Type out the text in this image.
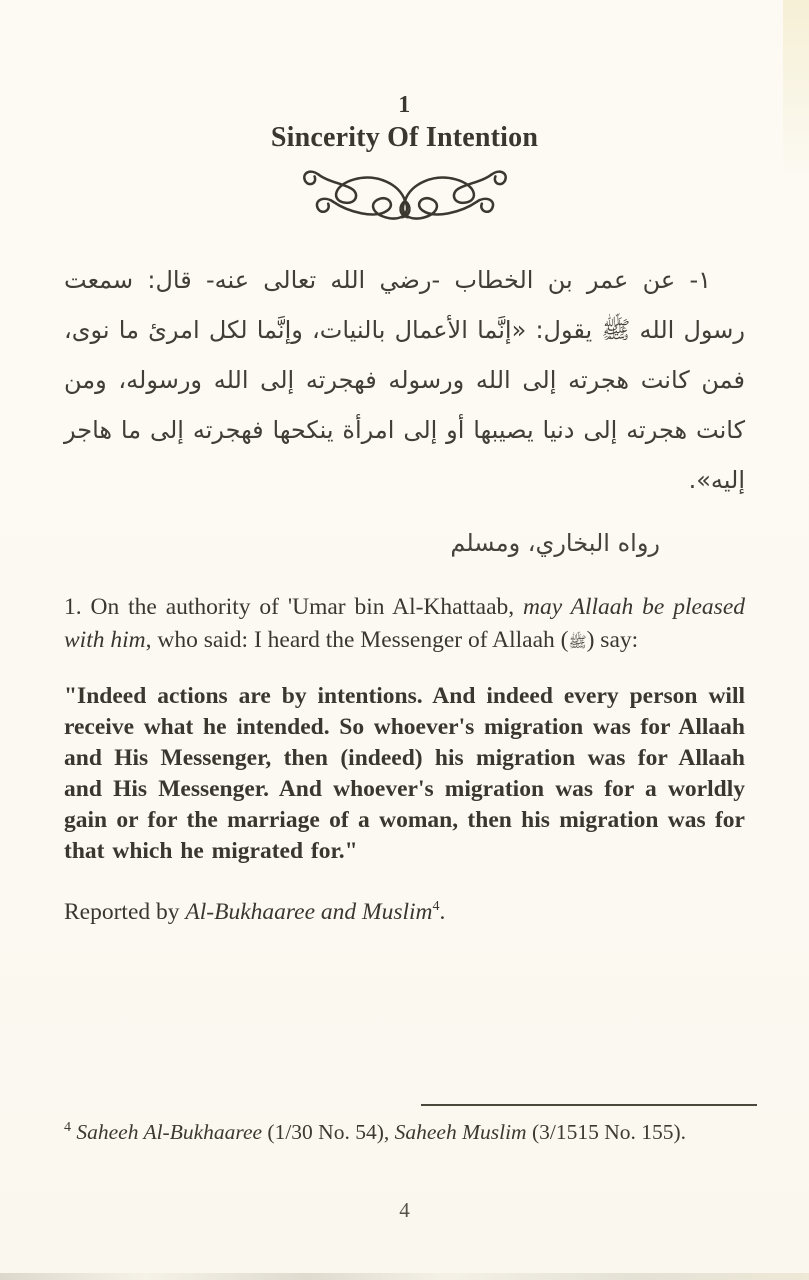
1
Sincerity Of Intention

١- عن عمر بن الخطاب -رضي الله تعالى عنه- قال: سمعت رسول الله ﷺ يقول: «إنَّما الأعمال بالنيات، وإنَّما لكل امرئ ما نوى، فمن كانت هجرته إلى الله ورسوله فهجرته إلى الله ورسوله، ومن كانت هجرته إلى دنيا يصيبها أو إلى امرأة ينكحها فهجرته إلى ما هاجر إليه».

رواه البخاري، ومسلم

1. On the authority of 'Umar bin Al-Khattaab, may Allaah be pleased with him, who said: I heard the Messenger of Allaah (ﷺ) say:

"Indeed actions are by intentions. And indeed every person will receive what he intended. So whoever's migration was for Allaah and His Messenger, then (indeed) his migration was for Allaah and His Messenger. And whoever's migration was for a worldly gain or for the marriage of a woman, then his migration was for that which he migrated for."

Reported by Al-Bukhaaree and Muslim$^4$.

$^4$ Saheeh Al-Bukhaaree (1/30 No. 54), Saheeh Muslim (3/1515 No. 155).

4
